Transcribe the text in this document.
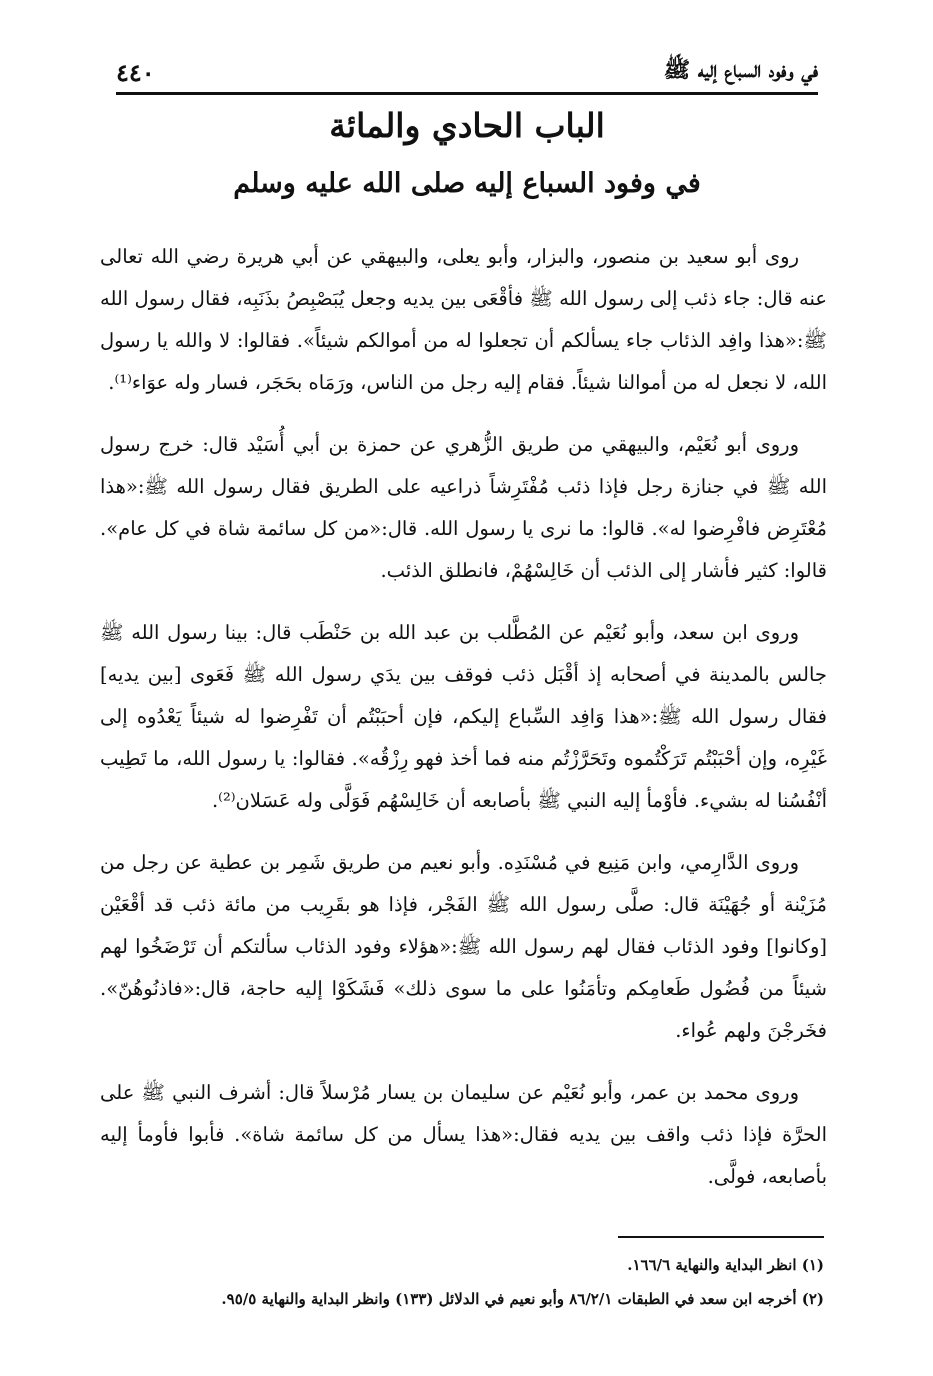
في وفود السباع إليه ﷺ
٤٤٠
الباب الحادي والمائة
في وفود السباع إليه صلى الله عليه وسلم

روى أبو سعيد بن منصور، والبزار، وأبو يعلى، والبيهقي عن أبي هريرة رضي الله تعالى عنه قال: جاء ذئب إلى رسول الله ﷺ فأقْعَى بين يديه وجعل يُبَصْبِصُ بذَنَبِه، فقال رسول الله ﷺ:«هذا وافِد الذئاب جاء يسألكم أن تجعلوا له من أموالكم شيئاً». فقالوا: لا والله يا رسول الله، لا نجعل له من أموالنا شيئاً. فقام إليه رجل من الناس، ورَمَاه بحَجَر، فسار وله عوَاء⁽¹⁾.

وروى أبو نُعَيْم، والبيهقي من طريق الزُّهري عن حمزة بن أبي أُسَيْد قال: خرج رسول الله ﷺ في جنازة رجل فإذا ذئب مُفْتَرِشاً ذراعيه على الطريق فقال رسول الله ﷺ:«هذا مُعْتَرِض فافْرِضوا له». قالوا: ما نرى يا رسول الله. قال:«من كل سائمة شاة في كل عام». قالوا: كثير فأشار إلى الذئب أن خَالِسْهُمْ، فانطلق الذئب.

وروى ابن سعد، وأبو نُعَيْم عن المُطَّلب بن عبد الله بن حَنْطَب قال: بينا رسول الله ﷺ جالس بالمدينة في أصحابه إذ أقْبَل ذئب فوقف بين يدَي رسول الله ﷺ فَعَوى [بين يديه] فقال رسول الله ﷺ:«هذا وَافِد السِّباع إليكم، فإن أحبَبْتُم أن تَفْرِضوا له شيئاً يَعْدُوه إلى غَيْرِه، وإن أحْبَبْتُم تَرَكْتُموه وتَحَرَّزْتُم منه فما أخذ فهو رِزْقُه». فقالوا: يا رسول الله، ما تَطِيب أنْفُسُنا له بشيء. فأوْمأ إليه النبي ﷺ بأصابعه أن خَالِسْهُم فَوَلَّى وله عَسَلان⁽²⁾.

وروى الدَّارِمي، وابن مَنِيع في مُسْنَدِه. وأبو نعيم من طريق شَمِر بن عطية عن رجل من مُزَيْنة أو جُهَيْنَة قال: صلَّى رسول الله ﷺ الفَجْر، فإذا هو بقَرِيب من مائة ذئب قد أقْعَيْن [وكانوا] وفود الذئاب فقال لهم رسول الله ﷺ:«هؤلاء وفود الذئاب سألتكم أن تَرْضَخُوا لهم شيئاً من فُضُول طَعامِكم وتأمَنُوا على ما سوى ذلك» فَشَكَوْا إليه حاجة، قال:«فاذنُوهُنّ». فخَرجْنَ ولهم عُواء.

وروى محمد بن عمر، وأبو نُعَيْم عن سليمان بن يسار مُرْسلاً قال: أشرف النبي ﷺ على الحرَّة فإذا ذئب واقف بين يديه فقال:«هذا يسأل من كل سائمة شاة». فأبوا فأومأ إليه بأصابعه، فولَّى.

(١) انظر البداية والنهاية ١٦٦/٦.
(٢) أخرجه ابن سعد في الطبقات ٨٦/٢/١ وأبو نعيم في الدلائل (١٣٣) وانظر البداية والنهاية ٩٥/٥.
